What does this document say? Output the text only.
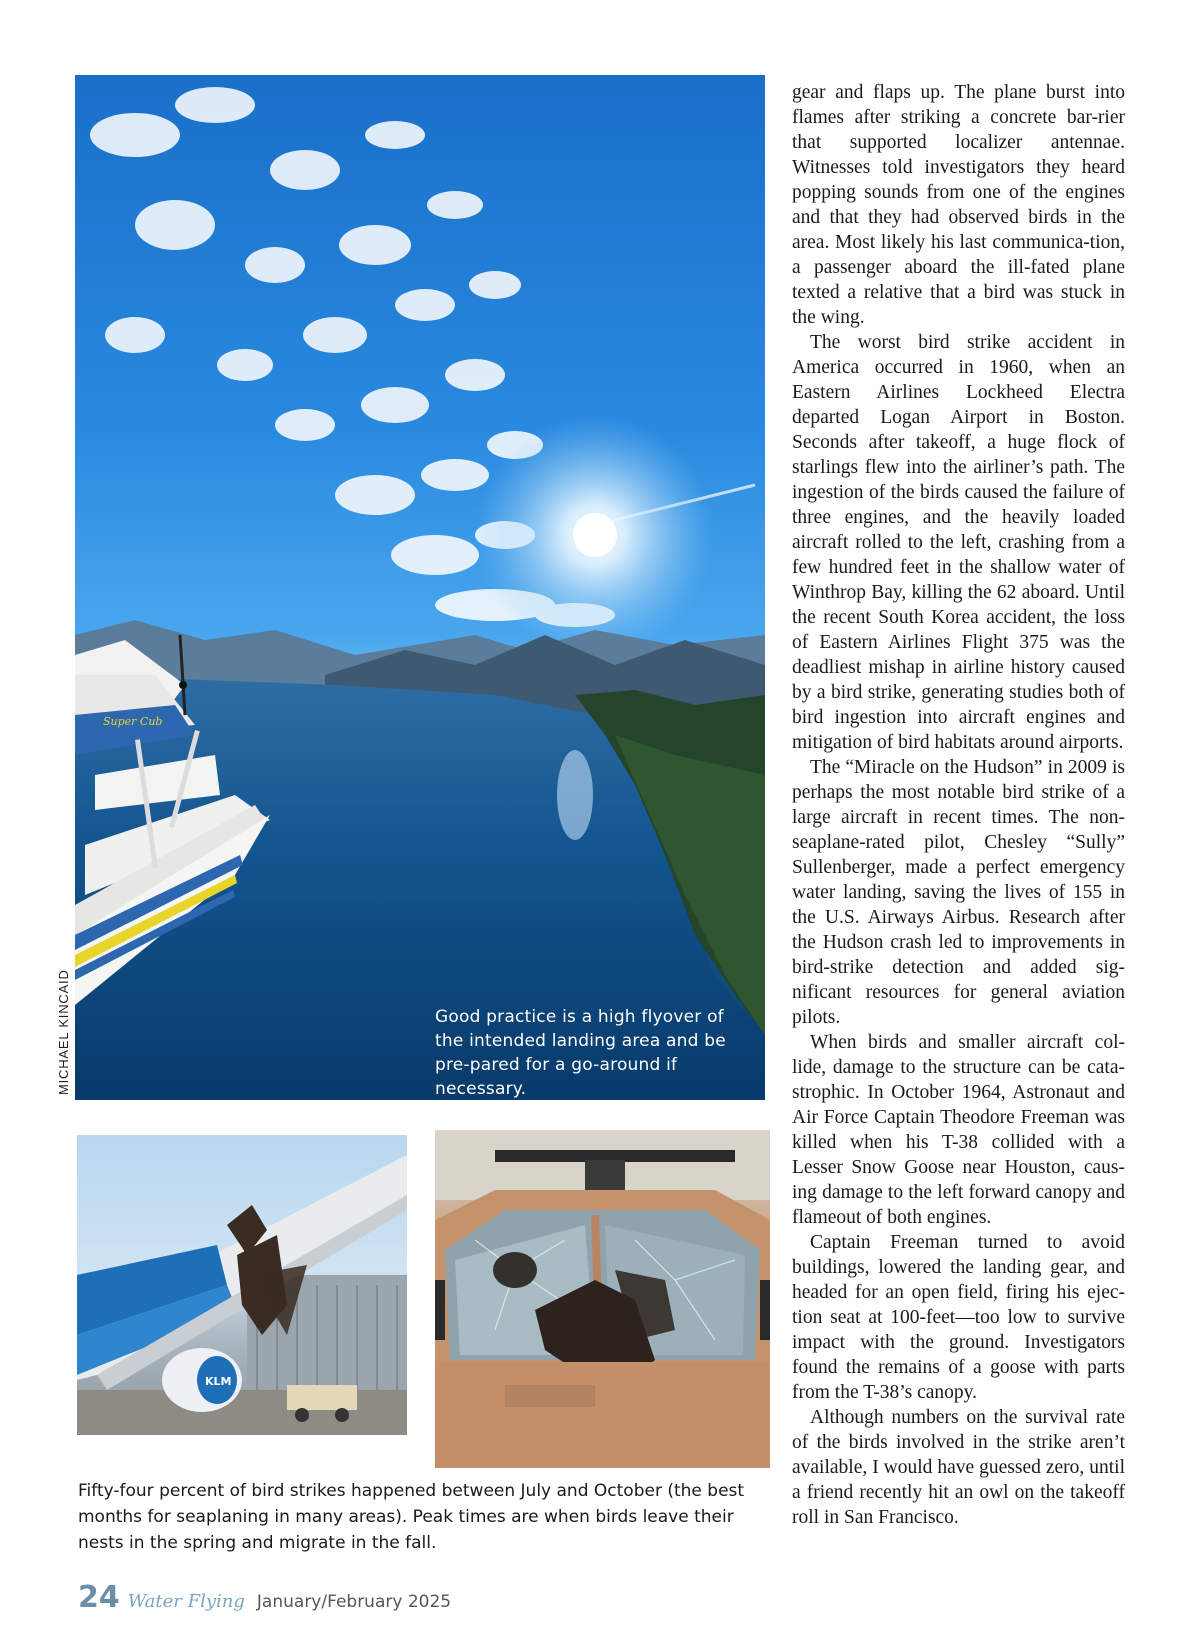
Super Cub
Good practice is a high flyover of the intended landing area and be pre-pared for a go-around if necessary.
MICHAEL KINCAID
KLM
Fifty-four percent of bird strikes happened between July and October (the best months for seaplaning in many areas). Peak times are when birds leave their nests in the spring and migrate in the fall.

gear and flaps up. The plane burst into flames after striking a concrete bar-rier that supported localizer antennae. Witnesses told investigators they heard popping sounds from one of the engines and that they had observed birds in the area. Most likely his last communica-tion, a passenger aboard the ill-fated plane texted a relative that a bird was stuck in the wing.

The worst bird strike accident in America occurred in 1960, when an Eastern Airlines Lockheed Electra departed Logan Airport in Boston. Seconds after takeoff, a huge flock of starlings flew into the airliner’s path. The ingestion of the birds caused the failure of three engines, and the heavily loaded aircraft rolled to the left, crashing from a few hundred feet in the shallow water of Winthrop Bay, killing the 62 aboard. Until the recent South Korea accident, the loss of Eastern Airlines Flight 375 was the deadliest mishap in airline history caused by a bird strike, generating studies both of bird ingestion into aircraft engines and mitigation of bird habitats around airports.

The “Miracle on the Hudson” in 2009 is perhaps the most notable bird strike of a large aircraft in recent times. The non-seaplane-rated pilot, Chesley “Sully” Sullenberger, made a perfect emergency water landing, saving the lives of 155 in the U.S. Airways Airbus. Research after the Hudson crash led to improvements in bird-strike detection and added sig-nificant resources for general aviation pilots.

When birds and smaller aircraft col-lide, damage to the structure can be cata-strophic. In October 1964, Astronaut and Air Force Captain Theodore Freeman was killed when his T-38 collided with a Lesser Snow Goose near Houston, caus-ing damage to the left forward canopy and flameout of both engines.

Captain Freeman turned to avoid buildings, lowered the landing gear, and headed for an open field, firing his ejec-tion seat at 100-feet—too low to survive impact with the ground. Investigators found the remains of a goose with parts from the T-38’s canopy.

Although numbers on the survival rate of the birds involved in the strike aren’t available, I would have guessed zero, until a friend recently hit an owl on the takeoff roll in San Francisco.

24 Water Flying January/February 2025
